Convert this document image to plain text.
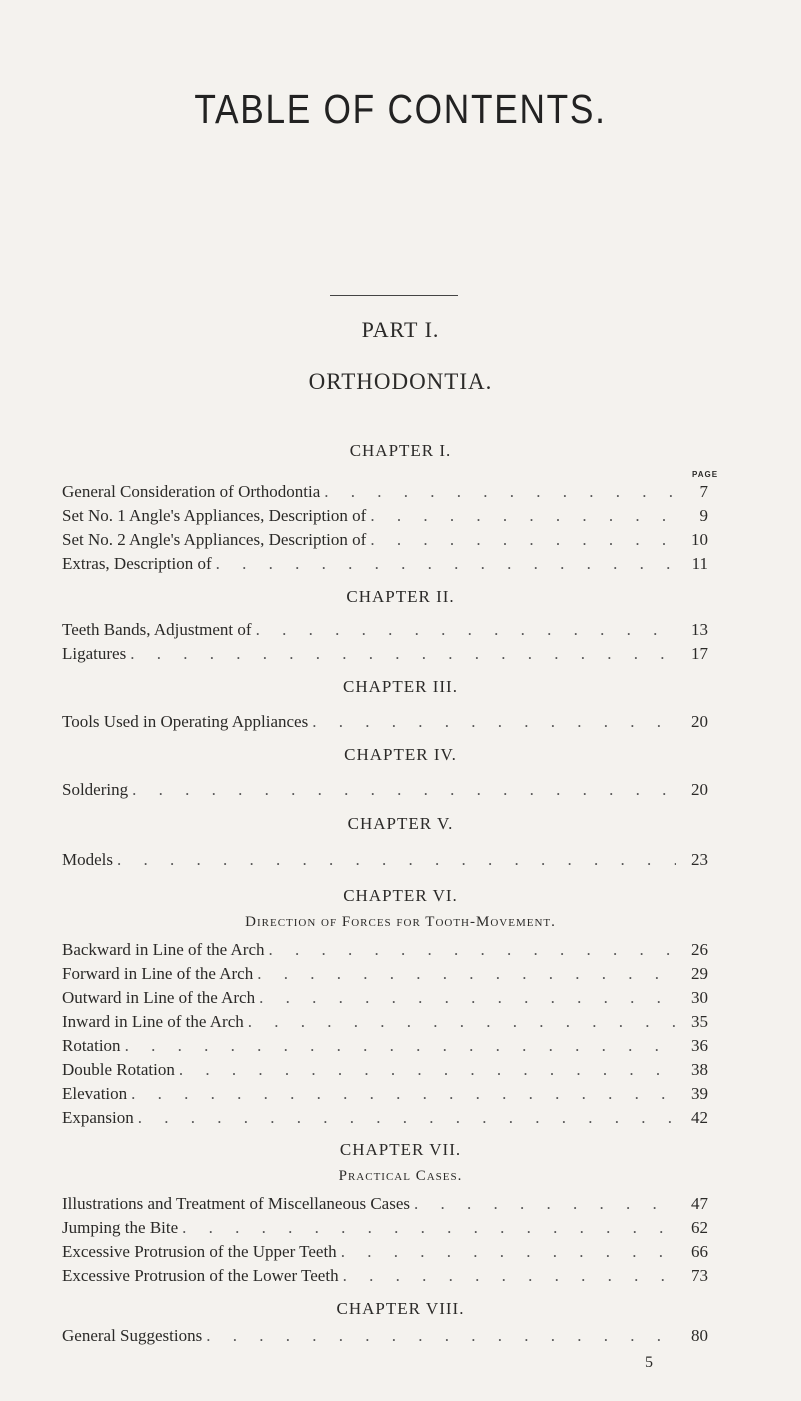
TABLE OF CONTENTS.
PART I.
ORTHODONTIA.
CHAPTER I.
PAGE
General Consideration of Orthodontia . . .	7
Set No. 1 Angle's Appliances, Description of . . .	9
Set No. 2 Angle's Appliances, Description of . . .	10
Extras, Description of . . .	11
CHAPTER II.
Teeth Bands, Adjustment of . . .	13
Ligatures . . .	17
CHAPTER III.
Tools Used in Operating Appliances . . .	20
CHAPTER IV.
Soldering . . .	20
CHAPTER V.
Models . . .	23
CHAPTER VI.
Direction of Forces for Tooth-Movement.
Backward in Line of the Arch . . .	26
Forward in Line of the Arch . . .	29
Outward in Line of the Arch . . .	30
Inward in Line of the Arch . . .	35
Rotation . . .	36
Double Rotation . . .	38
Elevation . . .	39
Expansion . . .	42
CHAPTER VII.
Practical Cases.
Illustrations and Treatment of Miscellaneous Cases . . .	47
Jumping the Bite . . .	62
Excessive Protrusion of the Upper Teeth . . .	66
Excessive Protrusion of the Lower Teeth . . .	73
CHAPTER VIII.
General Suggestions . . .	80
5
